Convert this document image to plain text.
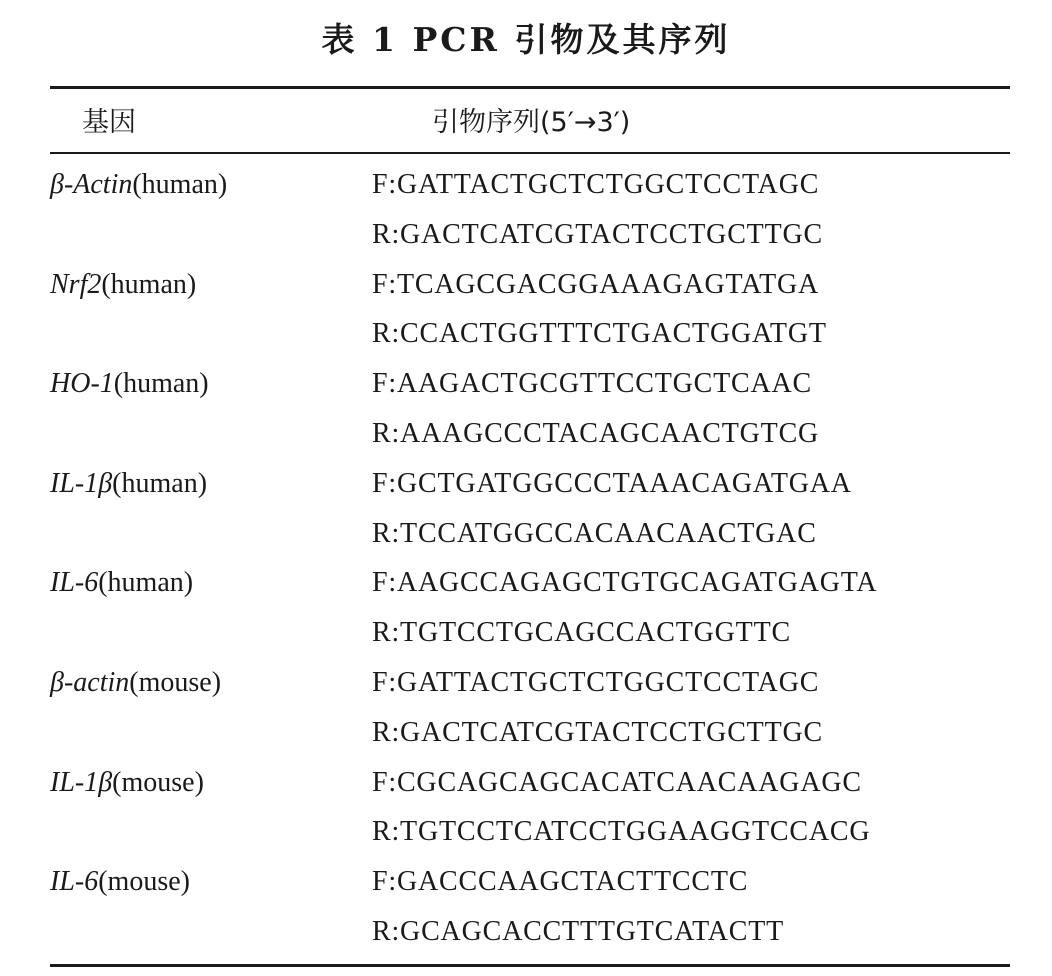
表 1 PCR 引物及其序列
基因	引物序列(5′→3′)
β-Actin(human)	F:GATTACTGCTCTGGCTCCTAGC
R:GACTCATCGTACTCCTGCTTGC
Nrf2(human)	F:TCAGCGACGGAAAGAGTATGA
R:CCACTGGTTTCTGACTGGATGT
HO-1(human)	F:AAGACTGCGTTCCTGCTCAAC
R:AAAGCCCTACAGCAACTGTCG
IL-1β(human)	F:GCTGATGGCCCTAAACAGATGAA
R:TCCATGGCCACAACAACTGAC
IL-6(human)	F:AAGCCAGAGCTGTGCAGATGAGTA
R:TGTCCTGCAGCCACTGGTTC
β-actin(mouse)	F:GATTACTGCTCTGGCTCCTAGC
R:GACTCATCGTACTCCTGCTTGC
IL-1β(mouse)	F:CGCAGCAGCACATCAACAAGAGC
R:TGTCCTCATCCTGGAAGGTCCACG
IL-6(mouse)	F:GACCCAAGCTACTTCCTC
R:GCAGCACCTTTGTCATACTT
